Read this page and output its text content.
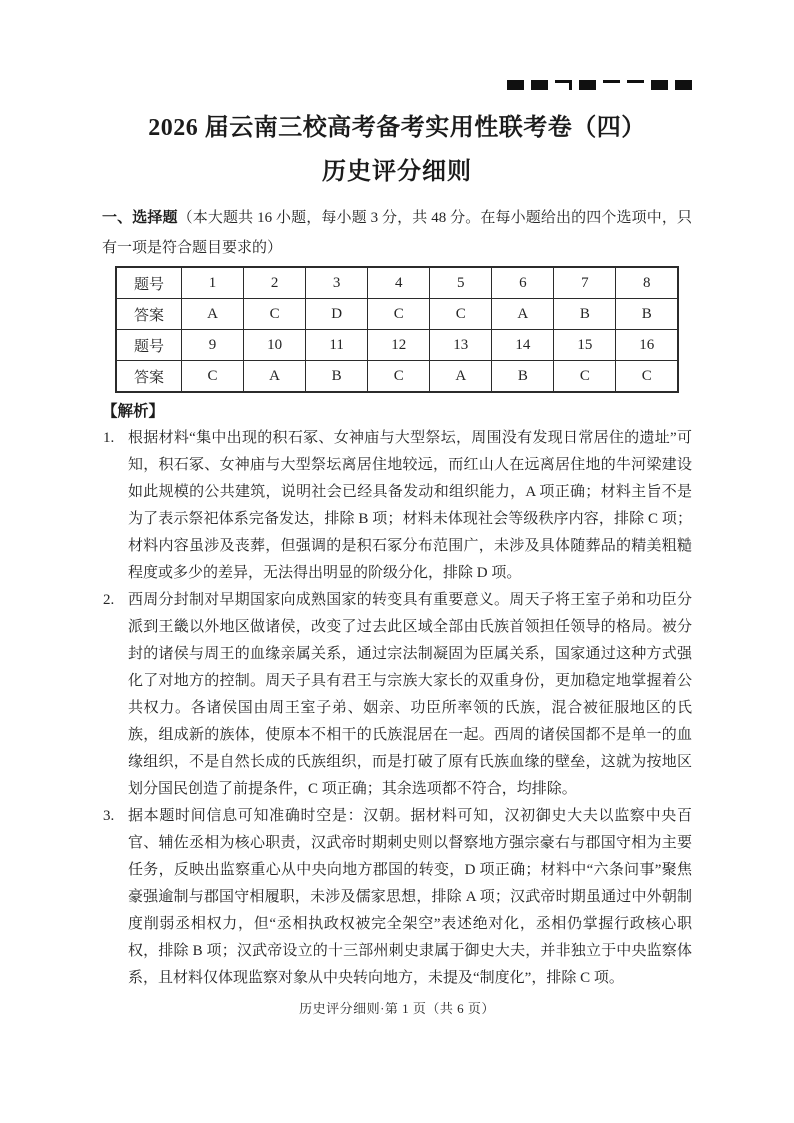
2026 届云南三校高考备考实用性联考卷（四）
历史评分细则

一、选择题（本大题共 16 小题，每小题 3 分，共 48 分。在每小题给出的四个选项中，只有一项是符合题目要求的）

题号	1	2	3	4	5	6	7	8
答案	A	C	D	C	C	A	B	B
题号	9	10	11	12	13	14	15	16
答案	C	A	B	C	A	B	C	C
【解析】
1. 根据材料“集中出现的积石冢、女神庙与大型祭坛，周围没有发现日常居住的遗址”可知，积石冢、女神庙与大型祭坛离居住地较远，而红山人在远离居住地的牛河梁建设如此规模的公共建筑，说明社会已经具备发动和组织能力，A 项正确；材料主旨不是为了表示祭祀体系完备发达，排除 B 项；材料未体现社会等级秩序内容，排除 C 项；材料内容虽涉及丧葬，但强调的是积石冢分布范围广，未涉及具体随葬品的精美粗糙程度或多少的差异，无法得出明显的阶级分化，排除 D 项。
2. 西周分封制对早期国家向成熟国家的转变具有重要意义。周天子将王室子弟和功臣分派到王畿以外地区做诸侯，改变了过去此区域全部由氏族首领担任领导的格局。被分封的诸侯与周王的血缘亲属关系，通过宗法制凝固为臣属关系，国家通过这种方式强化了对地方的控制。周天子具有君王与宗族大家长的双重身份，更加稳定地掌握着公共权力。各诸侯国由周王室子弟、姻亲、功臣所率领的氏族，混合被征服地区的氏族，组成新的族体，使原本不相干的氏族混居在一起。西周的诸侯国都不是单一的血缘组织，不是自然长成的氏族组织，而是打破了原有氏族血缘的壁垒，这就为按地区划分国民创造了前提条件，C 项正确；其余选项都不符合，均排除。
3. 据本题时间信息可知准确时空是：汉朝。据材料可知，汉初御史大夫以监察中央百官、辅佐丞相为核心职责，汉武帝时期刺史则以督察地方强宗豪右与郡国守相为主要任务，反映出监察重心从中央向地方郡国的转变，D 项正确；材料中“六条问事”聚焦豪强逾制与郡国守相履职，未涉及儒家思想，排除 A 项；汉武帝时期虽通过中外朝制度削弱丞相权力，但“丞相执政权被完全架空”表述绝对化，丞相仍掌握行政核心职权，排除 B 项；汉武帝设立的十三部州刺史隶属于御史大夫，并非独立于中央监察体系，且材料仅体现监察对象从中央转向地方，未提及“制度化”，排除 C 项。
历史评分细则·第 1 页（共 6 页）
